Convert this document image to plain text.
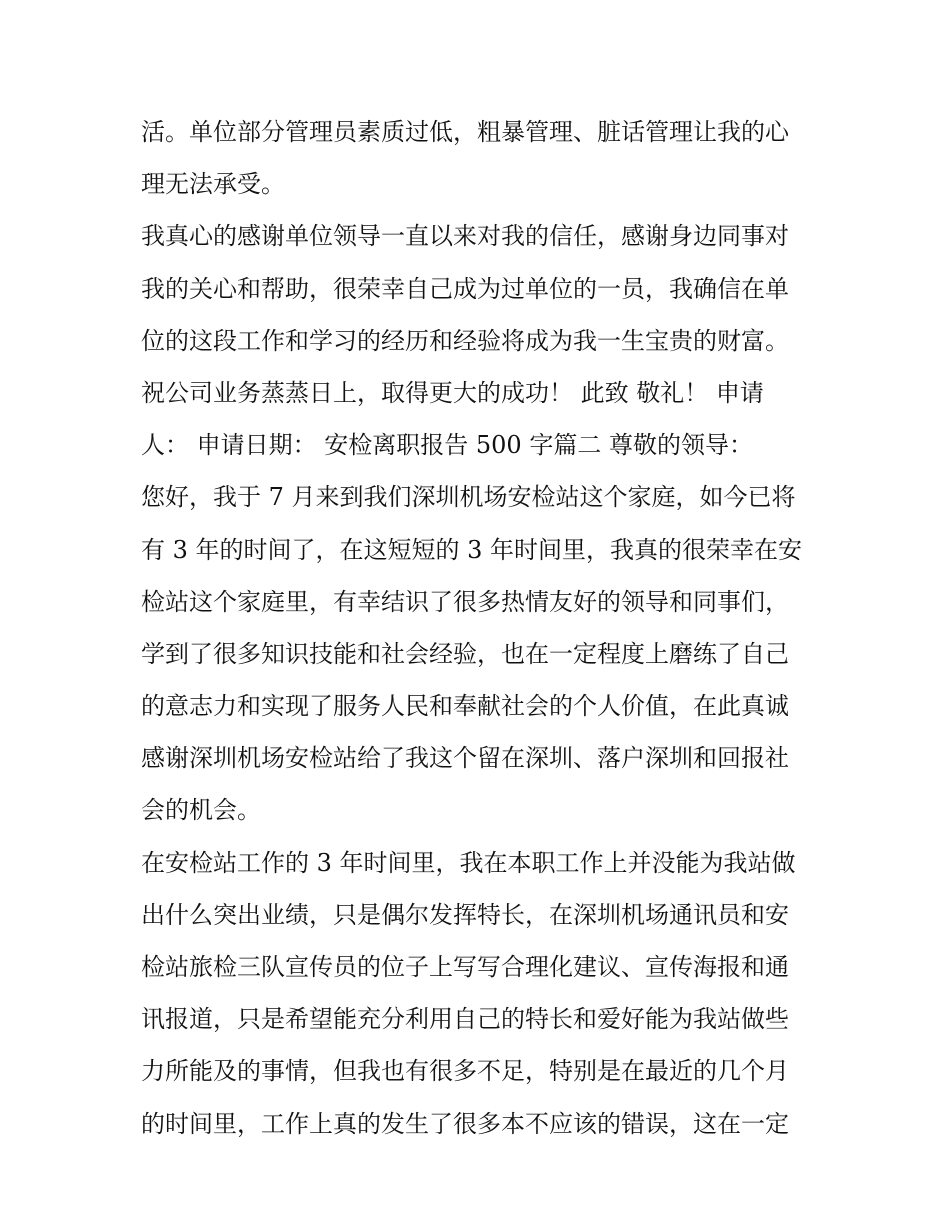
活。单位部分管理员素质过低，粗暴管理、脏话管理让我的心
理无法承受。
我真心的感谢单位领导一直以来对我的信任，感谢身边同事对
我的关心和帮助，很荣幸自己成为过单位的一员，我确信在单
位的这段工作和学习的经历和经验将成为我一生宝贵的财富。
祝公司业务蒸蒸日上，取得更大的成功！ 此致 敬礼！ 申请
人： 申请日期： 安检离职报告 500 字篇二 尊敬的领导：
您好，我于 7 月来到我们深圳机场安检站这个家庭，如今已将
有 3 年的时间了，在这短短的 3 年时间里，我真的很荣幸在安
检站这个家庭里，有幸结识了很多热情友好的领导和同事们，
学到了很多知识技能和社会经验，也在一定程度上磨练了自己
的意志力和实现了服务人民和奉献社会的个人价值，在此真诚
感谢深圳机场安检站给了我这个留在深圳、落户深圳和回报社
会的机会。
在安检站工作的 3 年时间里，我在本职工作上并没能为我站做
出什么突出业绩，只是偶尔发挥特长，在深圳机场通讯员和安
检站旅检三队宣传员的位子上写写合理化建议、宣传海报和通
讯报道，只是希望能充分利用自己的特长和爱好能为我站做些
力所能及的事情，但我也有很多不足，特别是在最近的几个月
的时间里，工作上真的发生了很多本不应该的错误，这在一定
